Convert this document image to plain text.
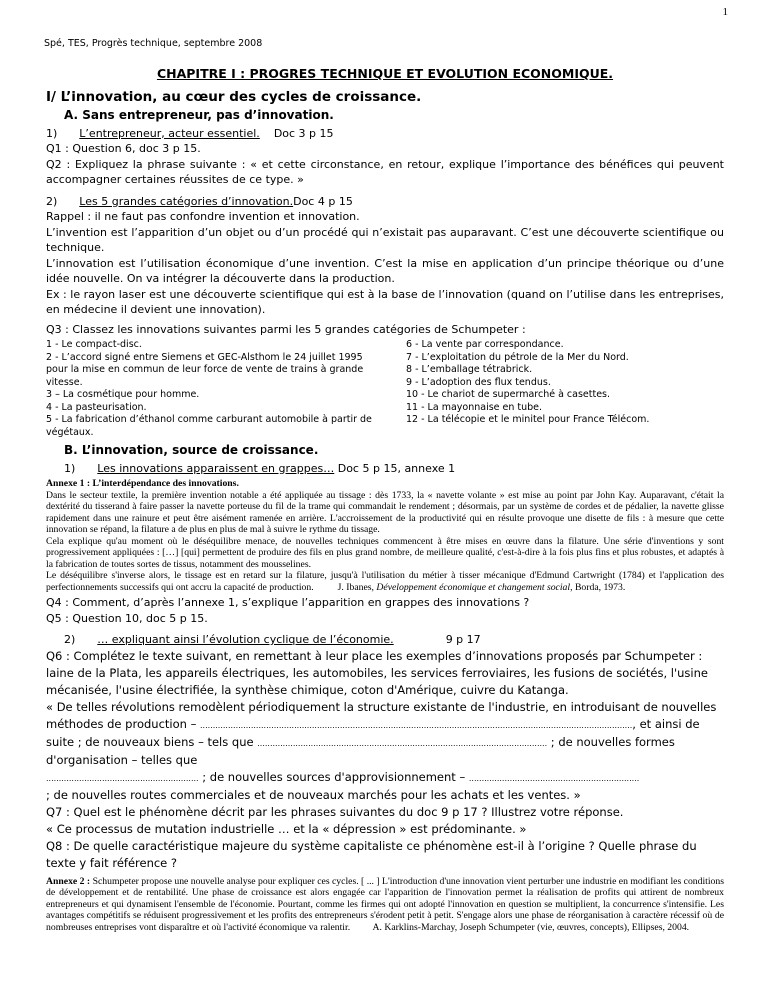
1
Spé, TES, Progrès technique, septembre 2008
CHAPITRE I : PROGRES TECHNIQUE ET EVOLUTION ECONOMIQUE.
I/ L’innovation, au cœur des cycles de croissance.
A. Sans entrepreneur, pas d’innovation.

1) L’entrepreneur, acteur essentiel. Doc 3 p 15

Q1 : Question 6, doc 3 p 15.

Q2 : Expliquez la phrase suivante : « et cette circonstance, en retour, explique l’importance des bénéfices qui peuvent accompagner certaines réussites de ce type. »

2) Les 5 grandes catégories d’innovation.Doc 4 p 15

Rappel : il ne faut pas confondre invention et innovation.

L’invention est l’apparition d’un objet ou d’un procédé qui n’existait pas auparavant. C’est une découverte scientifique ou technique.

L’innovation est l’utilisation économique d’une invention. C’est la mise en application d’un principe théorique ou d’une idée nouvelle. On va intégrer la découverte dans la production.

Ex : le rayon laser est une découverte scientifique qui est à la base de l’innovation (quand on l’utilise dans les entreprises, en médecine il devient une innovation).

Q3 : Classez les innovations suivantes parmi les 5 grandes catégories de Schumpeter :

1 - Le compact-disc.
2 - L’accord signé entre Siemens et GEC-Alsthom le 24 juillet 1995 pour la mise en commun de leur force de vente de trains à grande vitesse.
3 – La cosmétique pour homme.
4 - La pasteurisation.
5 - La fabrication d’éthanol comme carburant automobile à partir de végétaux.
6 - La vente par correspondance.
7 - L’exploitation du pétrole de la Mer du Nord.
8 - L’emballage tétrabrick.
9 - L’adoption des flux tendus.
10 - Le chariot de supermarché à casettes.
11 - La mayonnaise en tube.
12 - La télécopie et le minitel pour France Télécom.
B. L’innovation, source de croissance.

1) Les innovations apparaissent en grappes… Doc 5 p 15, annexe 1

Annexe 1 : L’interdépendance des innovations.
Dans le secteur textile, la première invention notable a été appliquée au tissage : dès 1733, la « navette volante » est mise au point par John Kay. Auparavant, c'était la dextérité du tisserand à faire passer la navette porteuse du fil de la trame qui commandait le rendement ; désormais, par un système de cordes et de pédalier, la navette glisse rapidement dans une rainure et peut être aisément ramenée en arrière. L'accroissement de la productivité qui en résulte provoque une disette de fils : à mesure que cette innovation se répand, la filature a de plus en plus de mal à suivre le rythme du tissage.
Cela explique qu'au moment où le déséquilibre menace, de nouvelles techniques commencent à être mises en œuvre dans la filature. Une série d'inventions y sont progressivement appliquées : […] [qui] permettent de produire des fils en plus grand nombre, de meilleure qualité, c'est-à-dire à la fois plus fins et plus robustes, et adaptés à la fabrication de toutes sortes de tissus, notamment des mousselines.
Le déséquilibre s'inverse alors, le tissage est en retard sur la filature, jusqu'à l'utilisation du métier à tisser mécanique d'Edmund Cartwright (1784) et l'application des perfectionnements successifs qui ont accru la capacité de production. J. Ibanes, Développement économique et changement social, Borda, 1973.

Q4 : Comment, d’après l’annexe 1, s’explique l’apparition en grappes des innovations ?

Q5 : Question 10, doc 5 p 15.

2) … expliquant ainsi l’évolution cyclique de l’économie.	9 p 17

Q6 : Complétez le texte suivant, en remettant à leur place les exemples d’innovations proposés par Schumpeter : laine de la Plata, les appareils électriques, les automobiles, les services ferroviaires, les fusions de sociétés, l'usine mécanisée, l'usine électrifiée, la synthèse chimique, coton d'Amérique, cuivre du Katanga.
« De telles révolutions remodèlent périodiquement la structure existante de l'industrie, en introduisant de nouvelles méthodes de production – .........................................................................................................................................................................., et ainsi de suite ; de nouveaux biens – tels que .................................................................................................................. ; de nouvelles formes d'organisation – telles que
............................................................ ; de nouvelles sources d'approvisionnement – ...................................................................
; de nouvelles routes commerciales et de nouveaux marchés pour les achats et les ventes. »
Q7 : Quel est le phénomène décrit par les phrases suivantes du doc 9 p 17 ? Illustrez votre réponse.
« Ce processus de mutation industrielle … et la « dépression » est prédominante. »
Q8 : De quelle caractéristique majeure du système capitaliste ce phénomène est-il à l’origine ? Quelle phrase du texte y fait référence ?
Annexe 2 : Schumpeter propose une nouvelle analyse pour expliquer ces cycles. [ ... ] L'introduction d'une innovation vient perturber une industrie en modifiant les conditions de développement et de rentabilité. Une phase de croissance est alors engagée car l'apparition de l'innovation permet la réalisation de profits qui attirent de nombreux entrepreneurs et qui dynamisent l'ensemble de l'économie. Pourtant, comme les firmes qui ont adopté l'innovation en question se multiplient, la concurrence s'intensifie. Les avantages compétitifs se réduisent progressivement et les profits des entrepreneurs s'érodent petit à petit. S'engage alors une phase de réorganisation à caractère récessif où de nombreuses entreprises vont disparaître et où l'activité économique va ralentir. A. Karklins-Marchay, Joseph Schumpeter (vie, œuvres, concepts), Ellipses, 2004.
